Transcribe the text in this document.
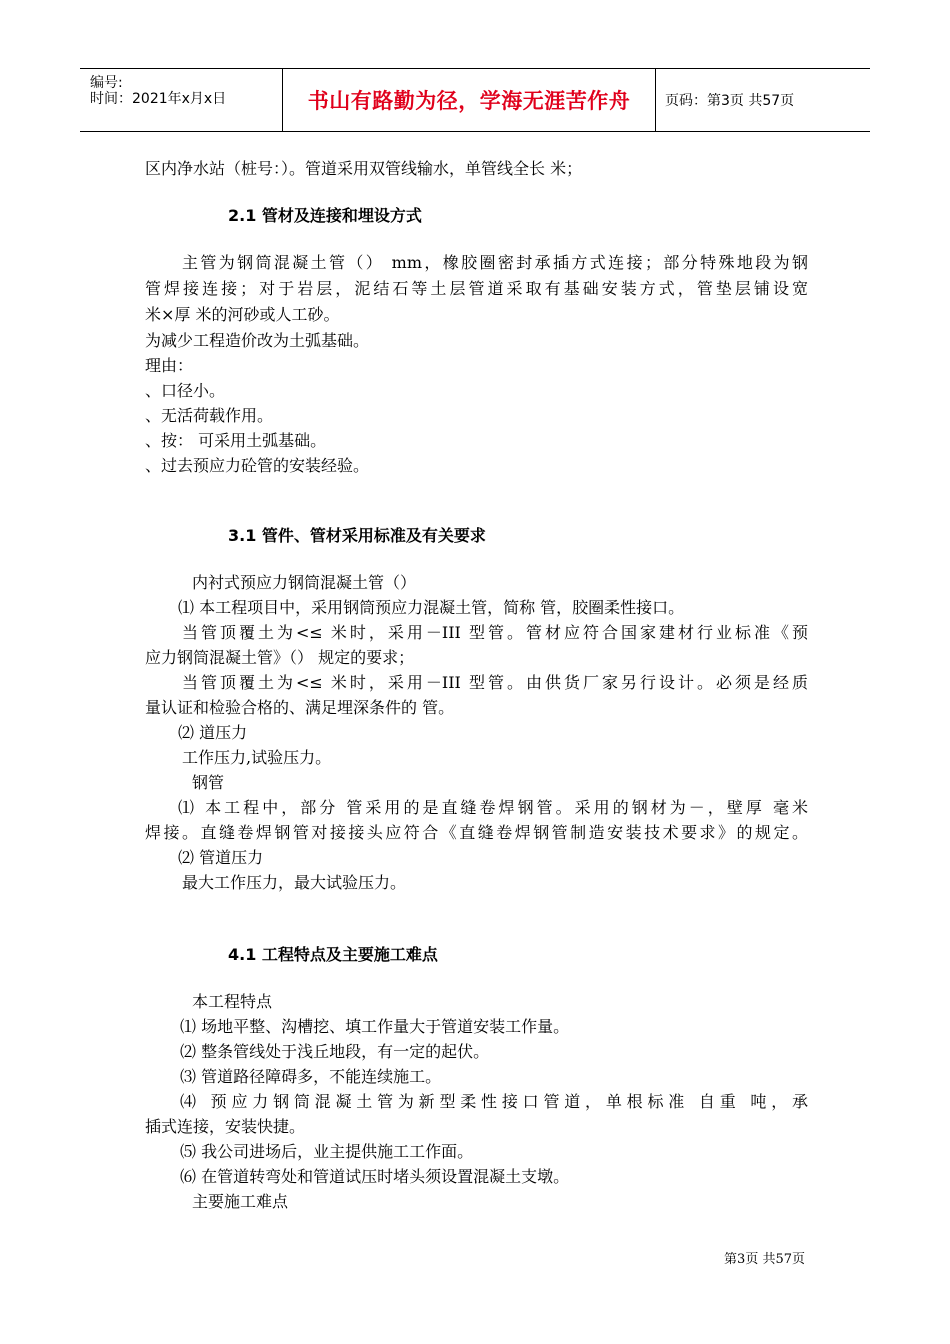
编号:
时间：2021年x月x日	书山有路勤为径，学海无涯苦作舟 页码：第3页 共57页
区内净水站（桩号：）。管道采用双管线输水，单管线全长 米；
2.1 管材及连接和埋设方式
主管为钢筒混凝土管（） mm，橡胶圈密封承插方式连接；部分特殊地段为钢
管焊接连接；对于岩层，泥结石等土层管道采取有基础安装方式，管垫层铺设宽
米×厚 米的河砂或人工砂。
为减少工程造价改为土弧基础。
理由：
、口径小。
、无活荷载作用。
、按： 可采用土弧基础。
、过去预应力砼管的安装经验。
3.1 管件、管材采用标准及有关要求
内衬式预应力钢筒混凝土管（）
⑴ 本工程项目中，采用钢筒预应力混凝土管，简称 管，胶圈柔性接口。
当管顶覆土为<≤ 米时，采用－III 型管。管材应符合国家建材行业标准《预
应力钢筒混凝土管》（） 规定的要求；
当管顶覆土为<≤ 米时，采用－III 型管。由供货厂家另行设计。必须是经质
量认证和检验合格的、满足埋深条件的 管。
⑵ 道压力
工作压力,试验压力。
钢管
⑴ 本工程中，部分 管采用的是直缝卷焊钢管。采用的钢材为－，壁厚 毫米
焊接。直缝卷焊钢管对接接头应符合《直缝卷焊钢管制造安装技术要求》的规定。
⑵ 管道压力
最大工作压力，最大试验压力。
4.1 工程特点及主要施工难点
本工程特点
⑴ 场地平整、沟槽挖、填工作量大于管道安装工作量。
⑵ 整条管线处于浅丘地段，有一定的起伏。
⑶ 管道路径障碍多，不能连续施工。
⑷ 预应力钢筒混凝土管为新型柔性接口管道，单根标准 自重 吨，承
插式连接，安装快捷。
⑸ 我公司进场后，业主提供施工工作面。
⑹ 在管道转弯处和管道试压时堵头须设置混凝土支墩。
主要施工难点
第3页 共57页
